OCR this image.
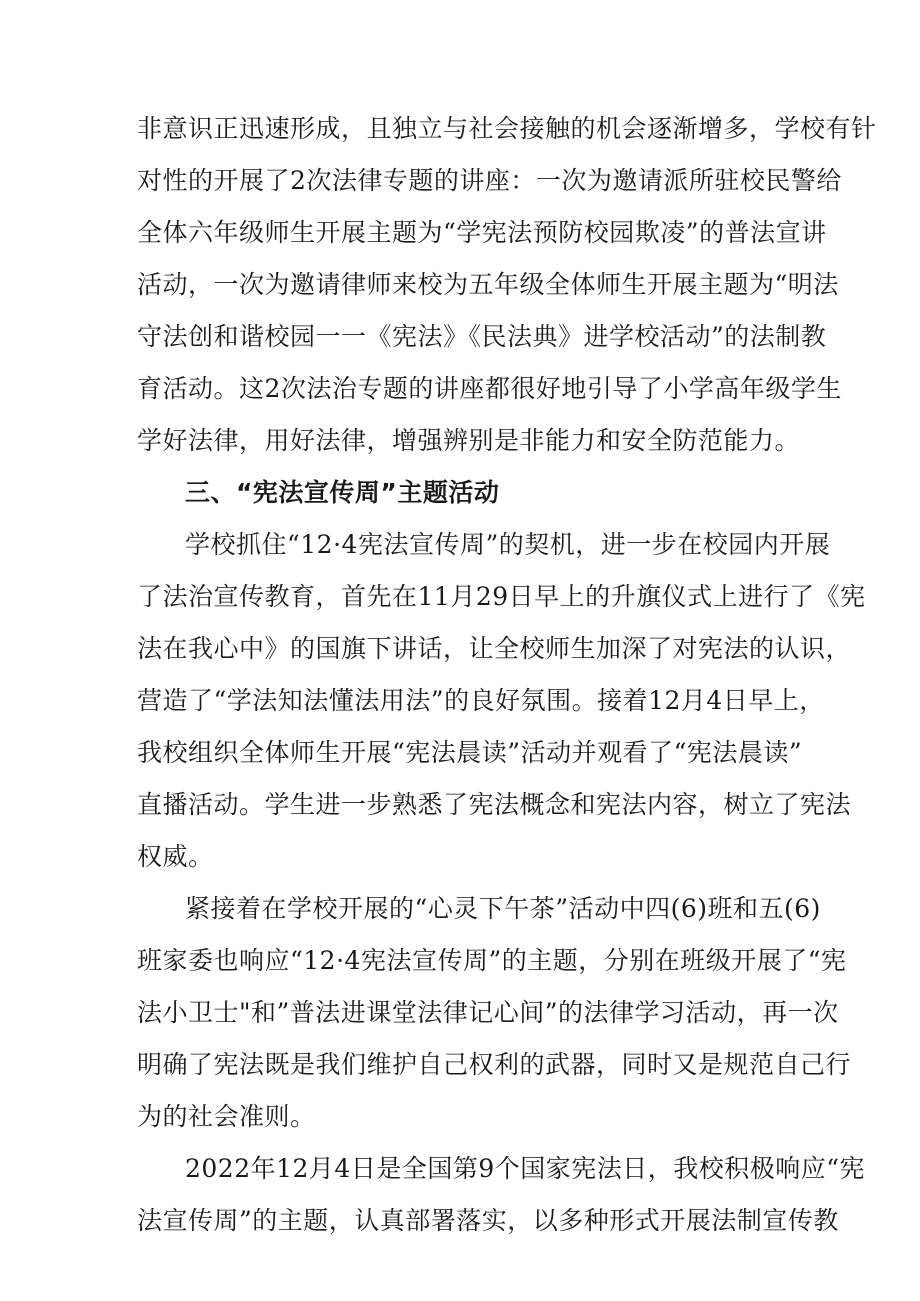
非意识正迅速形成，且独立与社会接触的机会逐渐增多，学校有针
对性的开展了2次法律专题的讲座：一次为邀请派所驻校民警给
全体六年级师生开展主题为“学宪法预防校园欺凌”的普法宣讲
活动，一次为邀请律师来校为五年级全体师生开展主题为“明法
守法创和谐校园一一《宪法》《民法典》进学校活动”的法制教
育活动。这2次法治专题的讲座都很好地引导了小学高年级学生
学好法律，用好法律，增强辨别是非能力和安全防范能力。
三、“宪法宣传周”主题活动
学校抓住“12·4宪法宣传周”的契机，进一步在校园内开展
了法治宣传教育，首先在11月29日早上的升旗仪式上进行了《宪
法在我心中》的国旗下讲话，让全校师生加深了对宪法的认识，
营造了“学法知法懂法用法”的良好氛围。接着12月4日早上，
我校组织全体师生开展“宪法晨读”活动并观看了“宪法晨读”
直播活动。学生进一步熟悉了宪法概念和宪法内容，树立了宪法
权威。
紧接着在学校开展的“心灵下午茶”活动中四(6)班和五(6)
班家委也响应“12·4宪法宣传周”的主题，分别在班级开展了“宪
法小卫士"和”普法进课堂法律记心间”的法律学习活动，再一次
明确了宪法既是我们维护自己权利的武器，同时又是规范自己行
为的社会准则。
2022年12月4日是全国第9个国家宪法日，我校积极响应“宪
法宣传周”的主题，认真部署落实，以多种形式开展法制宣传教
